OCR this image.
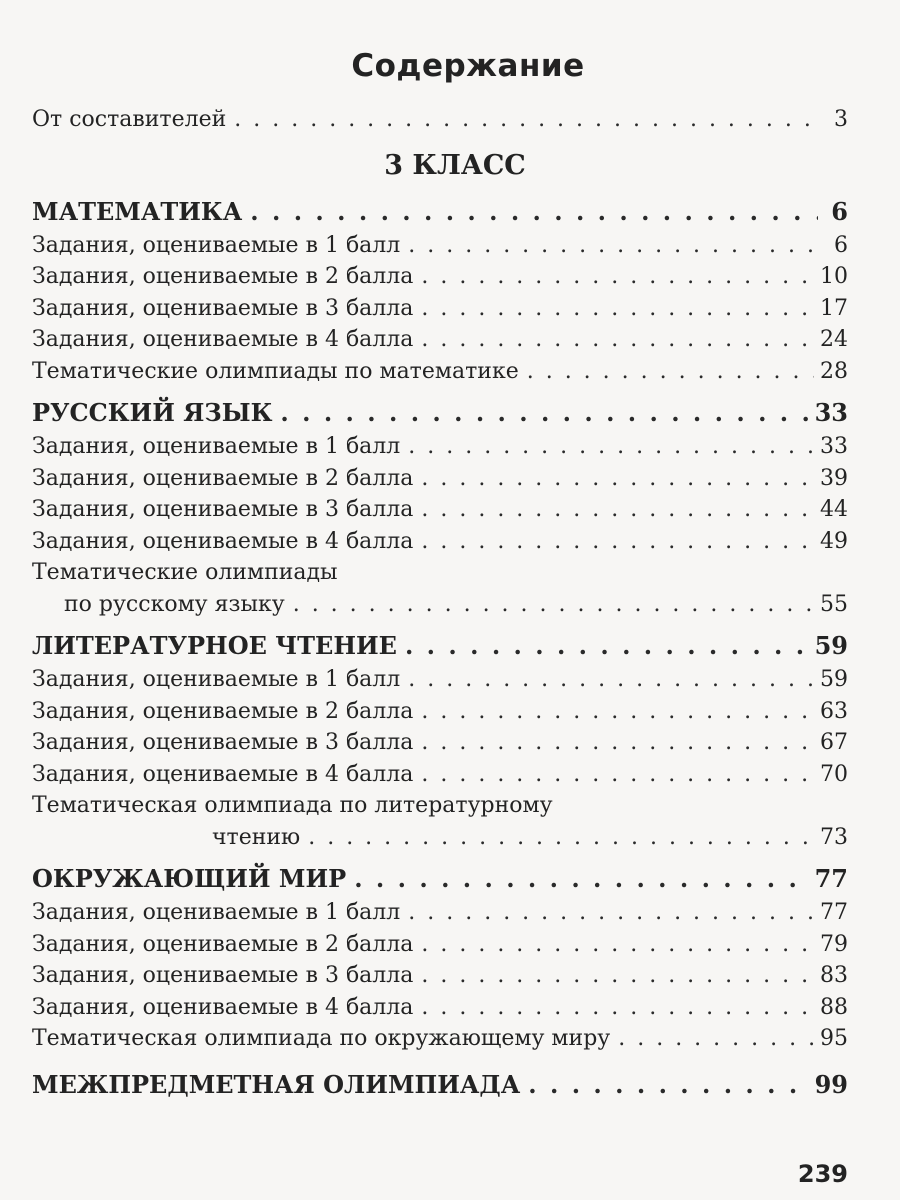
Содержание
От составителей . . .	3
3 КЛАСС
МАТЕМАТИКА . . .	6
Задания, оцениваемые в 1 балл . . .	6
Задания, оцениваемые в 2 балла . . .	10
Задания, оцениваемые в 3 балла . . .	17
Задания, оцениваемые в 4 балла . . .	24
Тематические олимпиады по математике . . .	28
РУССКИЙ ЯЗЫК . . .	33
Задания, оцениваемые в 1 балл . . .	33
Задания, оцениваемые в 2 балла . . .	39
Задания, оцениваемые в 3 балла . . .	44
Задания, оцениваемые в 4 балла . . .	49
Тематические олимпиады
по русскому языку . . .	55
ЛИТЕРАТУРНОЕ ЧТЕНИЕ . . .	59
Задания, оцениваемые в 1 балл . . .	59
Задания, оцениваемые в 2 балла . . .	63
Задания, оцениваемые в 3 балла . . .	67
Задания, оцениваемые в 4 балла . . .	70
Тематическая олимпиада по литературному
чтению . . .	73
ОКРУЖАЮЩИЙ МИР . . .	77
Задания, оцениваемые в 1 балл . . .	77
Задания, оцениваемые в 2 балла . . .	79
Задания, оцениваемые в 3 балла . . .	83
Задания, оцениваемые в 4 балла . . .	88
Тематическая олимпиада по окружающему миру . . .	95
МЕЖПРЕДМЕТНАЯ ОЛИМПИАДА . . .	99
239
